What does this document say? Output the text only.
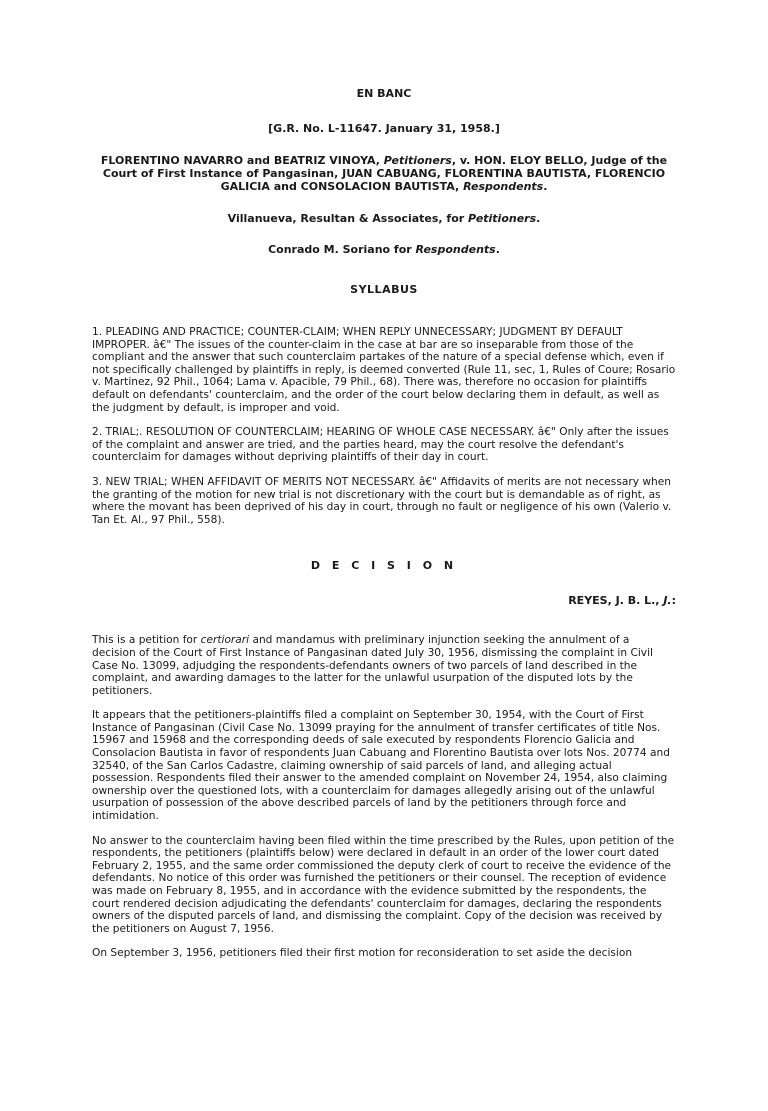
EN BANC
[G.R. No. L-11647. January 31, 1958.]
FLORENTINO NAVARRO and BEATRIZ VINOYA, Petitioners, v. HON. ELOY BELLO, Judge of the Court of First Instance of Pangasinan, JUAN CABUANG, FLORENTINA BAUTISTA, FLORENCIO GALICIA and CONSOLACION BAUTISTA, Respondents.
Villanueva, Resultan & Associates, for Petitioners.
Conrado M. Soriano for Respondents.
SYLLABUS

1. PLEADING AND PRACTICE; COUNTER-CLAIM; WHEN REPLY UNNECESSARY; JUDGMENT BY DEFAULT IMPROPER. â€" The issues of the counter-claim in the case at bar are so inseparable from those of the compliant and the answer that such counterclaim partakes of the nature of a special defense which, even if not specifically challenged by plaintiffs in reply, is deemed converted (Rule 11, sec, 1, Rules of Coure; Rosario v. Martinez, 92 Phil., 1064; Lama v. Apacible, 79 Phil., 68). There was, therefore no occasion for plaintiffs default on defendants' counterclaim, and the order of the court below declaring them in default, as well as the judgment by default, is improper and void.

2. TRIAL;. RESOLUTION OF COUNTERCLAIM; HEARING OF WHOLE CASE NECESSARY. â€" Only after the issues of the complaint and answer are tried, and the parties heard, may the court resolve the defendant's counterclaim for damages without depriving plaintiffs of their day in court.

3. NEW TRIAL; WHEN AFFIDAVIT OF MERITS NOT NECESSARY. â€" Affidavits of merits are not necessary when the granting of the motion for new trial is not discretionary with the court but is demandable as of right, as where the movant has been deprived of his day in court, through no fault or negligence of his own (Valerio v. Tan Et. Al., 97 Phil., 558).

D E C I S I O N
REYES, J. B. L., J.:

This is a petition for certiorari and mandamus with preliminary injunction seeking the annulment of a decision of the Court of First Instance of Pangasinan dated July 30, 1956, dismissing the complaint in Civil Case No. 13099, adjudging the respondents-defendants owners of two parcels of land described in the complaint, and awarding damages to the latter for the unlawful usurpation of the disputed lots by the petitioners.

It appears that the petitioners-plaintiffs filed a complaint on September 30, 1954, with the Court of First Instance of Pangasinan (Civil Case No. 13099 praying for the annulment of transfer certificates of title Nos. 15967 and 15968 and the corresponding deeds of sale executed by respondents Florencio Galicia and Consolacion Bautista in favor of respondents Juan Cabuang and Florentino Bautista over lots Nos. 20774 and 32540, of the San Carlos Cadastre, claiming ownership of said parcels of land, and alleging actual possession. Respondents filed their answer to the amended complaint on November 24, 1954, also claiming ownership over the questioned lots, with a counterclaim for damages allegedly arising out of the unlawful usurpation of possession of the above described parcels of land by the petitioners through force and intimidation.

No answer to the counterclaim having been filed within the time prescribed by the Rules, upon petition of the respondents, the petitioners (plaintiffs below) were declared in default in an order of the lower court dated February 2, 1955, and the same order commissioned the deputy clerk of court to receive the evidence of the defendants. No notice of this order was furnished the petitioners or their counsel. The reception of evidence was made on February 8, 1955, and in accordance with the evidence submitted by the respondents, the court rendered decision adjudicating the defendants' counterclaim for damages, declaring the respondents owners of the disputed parcels of land, and dismissing the complaint. Copy of the decision was received by the petitioners on August 7, 1956.

On September 3, 1956, petitioners filed their first motion for reconsideration to set aside the decision
